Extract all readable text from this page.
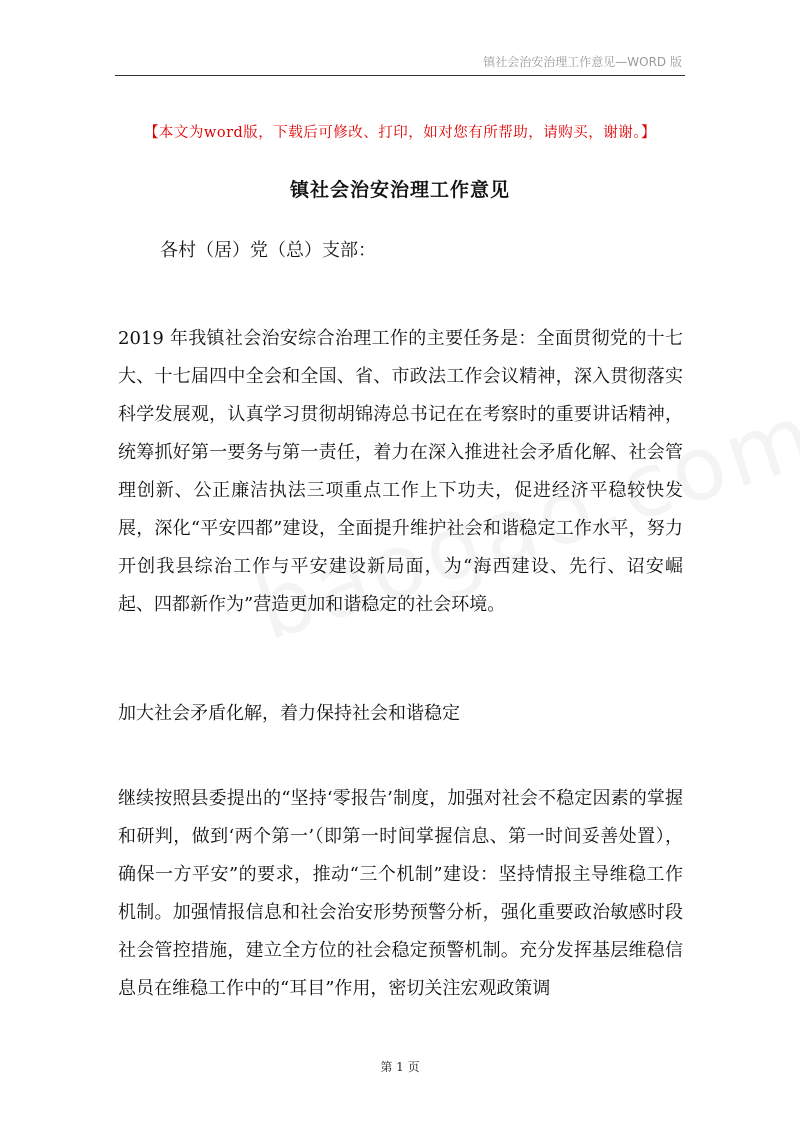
镇社会治安治理工作意见—WORD 版
【本文为word版，下载后可修改、打印，如对您有所帮助，请购买，谢谢。】
镇社会治安治理工作意见
各村（居）党（总）支部：

2019 年我镇社会治安综合治理工作的主要任务是：全面贯彻党的十七大、十七届四中全会和全国、省、市政法工作会议精神，深入贯彻落实科学发展观，认真学习贯彻胡锦涛总书记在在考察时的重要讲话精神，统筹抓好第一要务与第一责任，着力在深入推进社会矛盾化解、社会管理创新、公正廉洁执法三项重点工作上下功夫，促进经济平稳较快发展，深化“平安四都”建设，全面提升维护社会和谐稳定工作水平，努力开创我县综治工作与平安建设新局面，为“海西建设、先行、诏安崛起、四都新作为”营造更加和谐稳定的社会环境。

加大社会矛盾化解，着力保持社会和谐稳定

继续按照县委提出的“坚持‘零报告’制度，加强对社会不稳定因素的掌握和研判，做到‘两个第一’（即第一时间掌握信息、第一时间妥善处置），确保一方平安”的要求，推动“三个机制”建设：坚持情报主导维稳工作机制。加强情报信息和社会治安形势预警分析，强化重要政治敏感时段社会管控措施，建立全方位的社会稳定预警机制。充分发挥基层维稳信息员在维稳工作中的“耳目”作用，密切关注宏观政策调

第 1 页
